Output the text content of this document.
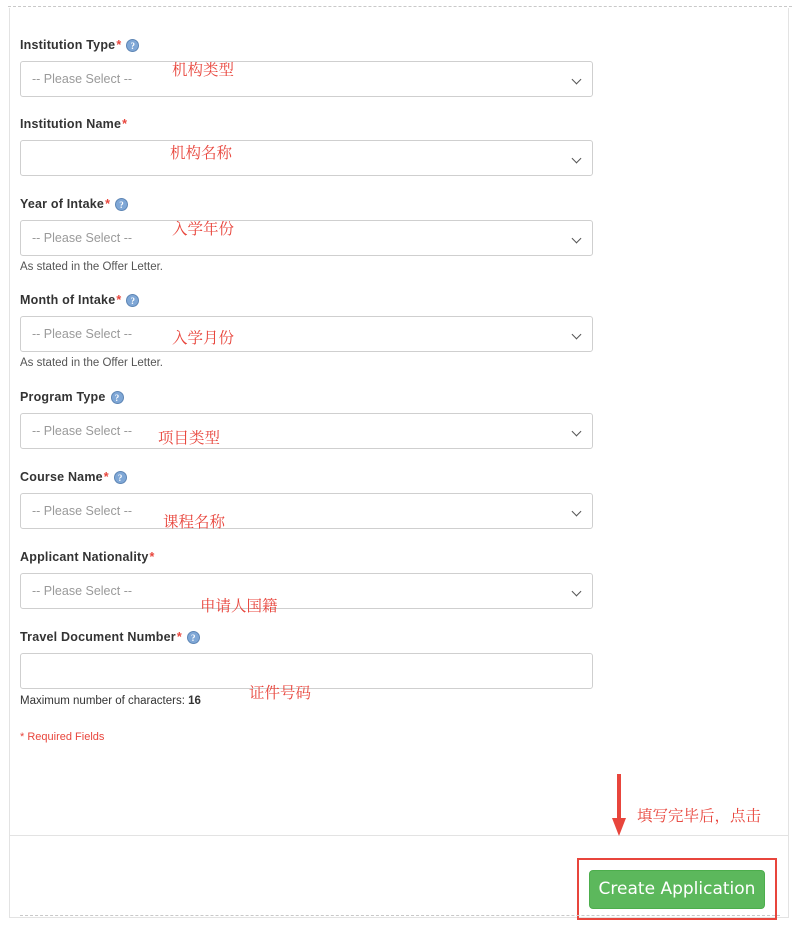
Institution Type *	?
-- Please Select --
Institution Name *
Year of Intake *	?
-- Please Select --
As stated in the Offer Letter.
Month of Intake *	?
-- Please Select --
As stated in the Offer Letter.
Program Type	?
-- Please Select --
Course Name *	?
-- Please Select --
Applicant Nationality *
-- Please Select --
Travel Document Number *	?
Maximum number of characters: 16
* Required Fields
机构类型
机构名称
入学年份
入学月份
项目类型
课程名称
申请人国籍
证件号码
填写完毕后，点击
Create Application
